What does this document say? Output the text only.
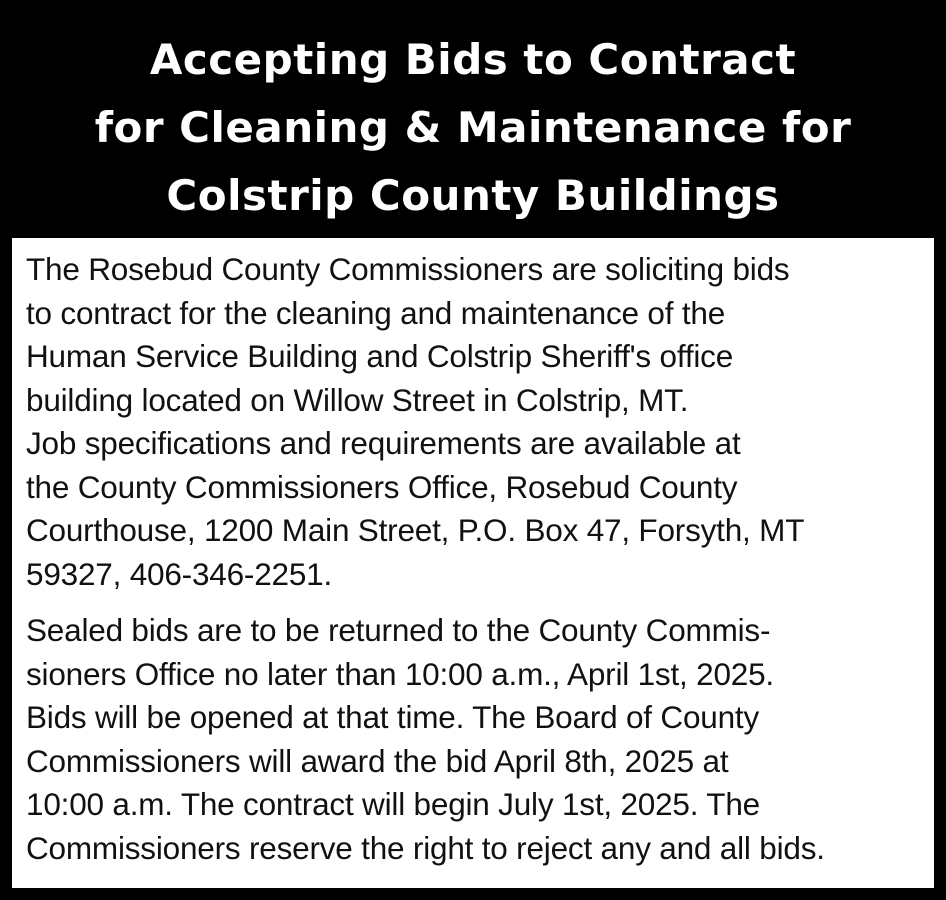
Accepting Bids to Contract
for Cleaning & Maintenance for
Colstrip County Buildings
The Rosebud County Commissioners are soliciting bids
to contract for the cleaning and maintenance of the
Human Service Building and Colstrip Sheriff's office
building located on Willow Street in Colstrip, MT.
Job specifications and requirements are available at
the County Commissioners Office, Rosebud County
Courthouse, 1200 Main Street, P.O. Box 47, Forsyth, MT
59327, 406-346-2251.
Sealed bids are to be returned to the County Commis-
sioners Office no later than 10:00 a.m., April 1st, 2025.
Bids will be opened at that time. The Board of County
Commissioners will award the bid April 8th, 2025 at
10:00 a.m. The contract will begin July 1st, 2025. The
Commissioners reserve the right to reject any and all bids.
